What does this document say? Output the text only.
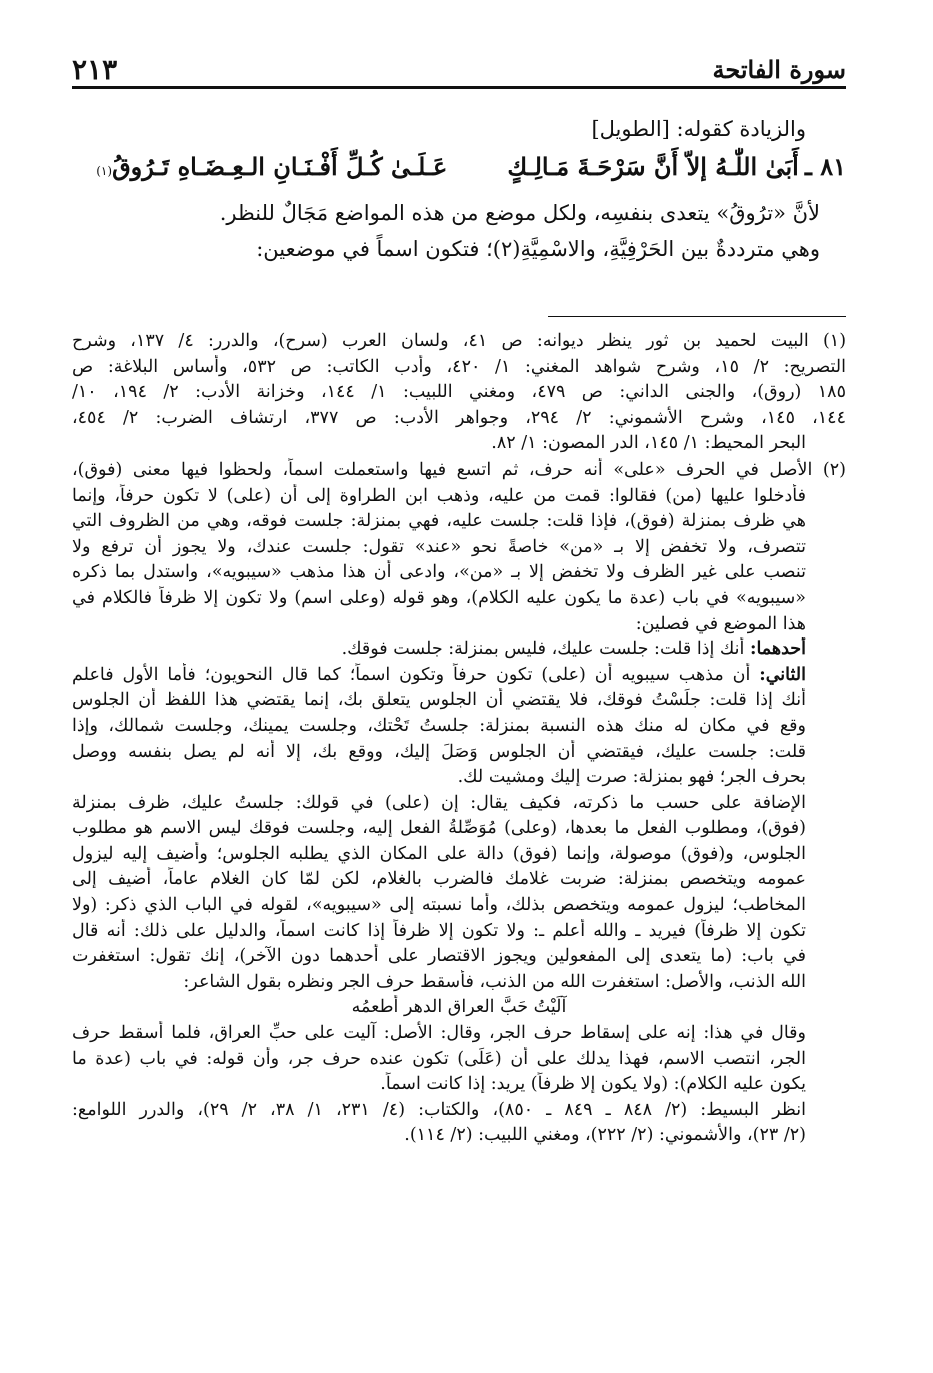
سورة الفاتحة
٢١٣
والزيادة كقوله: [الطويل]
٨١ ـ
أَبَىٰ اللّٰـهُ إلاّ أَنَّ سَرْحَـةَ مَـالِـكٍ
عَـلَـىٰ كُـلِّ أَفْـنَـانِ الـعِـضَـاهِ تَـرُوقُ
(١)
لأنَّ «ترُوقُ» يتعدى بنفسِه، ولكل موضع من هذه المواضع مَجَالٌ للنظر.
وهي مترددةٌ بين الحَرْفِيَّةِ، والاسْمِيَّةِ(٢)؛ فتكون اسماً في موضعين:
(١) البيت لحميد بن ثور ينظر ديوانه: ص ٤١، ولسان العرب (سرح)، والدرر: ٤/ ١٣٧، وشرح
التصريح: ٢/ ١٥، وشرح شواهد المغني: ١/ ٤٢٠، وأدب الكاتب: ص ٥٣٢، وأساس البلاغة: ص
١٨٥ (روق)، والجنى الداني: ص ٤٧٩، ومغني اللبيب: ١/ ١٤٤، وخزانة الأدب: ٢/ ١٩٤، ١٠/
١٤٤، ١٤٥، وشرح الأشموني: ٢/ ٢٩٤، وجواهر الأدب: ص ٣٧٧، ارتشاف الضرب: ٢/ ٤٥٤،
البحر المحيط: ١/ ١٤٥، الدر المصون: ١/ ٨٢.
(٢) الأصل في الحرف «على» أنه حرف، ثم اتسع فيها واستعملت اسماً، ولحظوا فيها معنى (فوق)،
فأدخلوا عليها (من) فقالوا: قمت من عليه، وذهب ابن الطراوة إلى أن (على) لا تكون حرفاً، وإنما
هي ظرف بمنزلة (فوق)، فإذا قلت: جلست عليه، فهي بمنزلة: جلست فوقه، وهي من الظروف التي
تتصرف، ولا تخفض إلا بـ «من» خاصةً نحو «عند» تقول: جلست عندك، ولا يجوز أن ترفع ولا
تنصب على غير الظرف ولا تخفض إلا بـ «من»، وادعى أن هذا مذهب «سيبويه»، واستدل بما ذكره
«سيبويه» في باب (عدة ما يكون عليه الكلام)، وهو قوله (وعلى اسم) ولا تكون إلا ظرفاً فالكلام في
هذا الموضع في فصلين:
أحدهما: أنك إذا قلت: جلست عليك، فليس بمنزلة: جلست فوقك.
الثاني: أن مذهب سيبويه أن (على) تكون حرفاً وتكون اسماً؛ كما قال النحويون؛ فأما الأول فاعلم
أنك إذا قلت: جلَسْتُ فوقك، فلا يقتضي أن الجلوس يتعلق بك، إنما يقتضي هذا اللفظ أن الجلوس
وقع في مكان له منك هذه النسبة بمنزلة: جلستُ تَحْتك، وجلست يمينك، وجلست شمالك، وإذا
قلت: جلست عليك، فيقتضي أن الجلوس وَصَلَ إليك، ووقع بك، إلا أنه لم يصل بنفسه ووصل
بحرف الجر؛ فهو بمنزلة: صرت إليك ومشيت لك.
الإضافة على حسب ما ذكرته، فكيف يقال: إن (على) في قولك: جلستُ عليك، ظرف بمنزلة
(فوق)، ومطلوب الفعل ما بعدها، (وعلى) مُوَصِّلةُ الفعل إليه، وجلست فوقك ليس الاسم هو مطلوب
الجلوس، و(فوق) موصولة، وإنما (فوق) دالة على المكان الذي يطلبه الجلوس؛ وأضيف إليه ليزول
عمومه ويتخصص بمنزلة: ضربت غلامك فالضرب بالغلام، لكن لمّا كان الغلام عاماً، أضيف إلى
المخاطب؛ ليزول عمومه ويتخصص بذلك، وأما نسبته إلى «سيبويه»، لقوله في الباب الذي ذكر: (ولا
تكون إلا ظرفاً) فيريد ـ والله أعلم ـ: ولا تكون إلا ظرفاً إذا كانت اسماً، والدليل على ذلك: أنه قال
في باب: (ما يتعدى إلى المفعولين ويجوز الاقتصار على أحدهما دون الآخر)، إنك تقول: استغفرت
الله الذنب، والأصل: استغفرت الله من الذنب، فأسقط حرف الجر ونظره بقول الشاعر:
آلَيْتُ حَبَّ العراق الدهر أطعمُه
وقال في هذا: إنه على إسقاط حرف الجر، وقال: الأصل: آليت على حبِّ العراق، فلما أسقط حرف
الجر، انتصب الاسم، فهذا يدلك على أن (عَلَى) تكون عنده حرف جر، وأن قوله: في باب (عدة ما
يكون عليه الكلام): (ولا يكون إلا ظرفاً) يريد: إذا كانت اسماً.
انظر البسيط: (٢/ ٨٤٨ ـ ٨٤٩ ـ ٨٥٠)، والكتاب: (٤/ ٢٣١، ١/ ٣٨، ٢/ ٢٩)، والدرر اللوامع:
(٢/ ٢٣)، والأشموني: (٢/ ٢٢٢)، ومغني اللبيب: (٢/ ١١٤).
